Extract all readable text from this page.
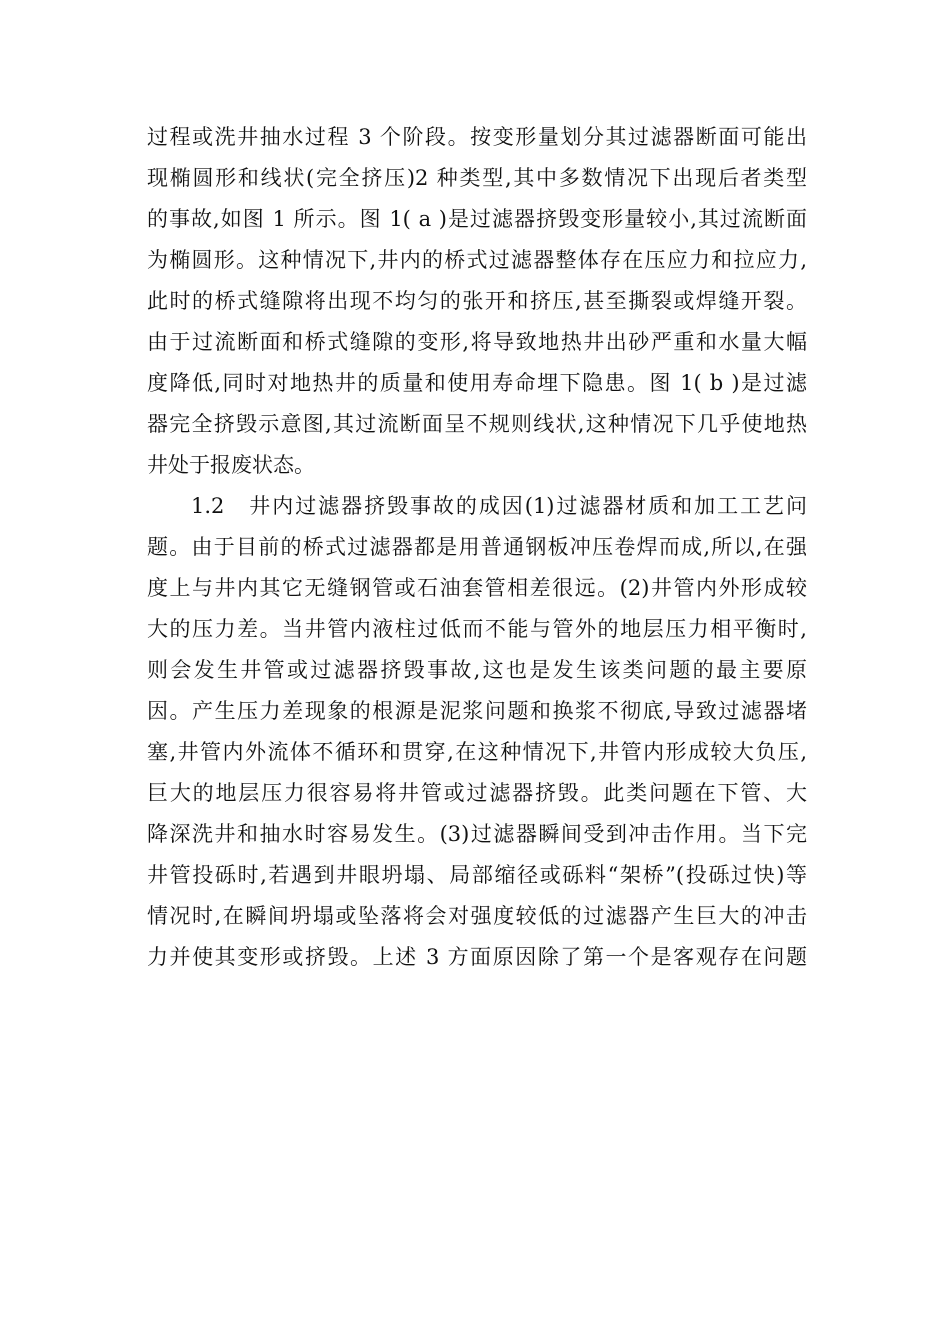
过程或洗井抽水过程 3 个阶段。按变形量划分其过滤器断面可能出
现椭圆形和线状(完全挤压)2 种类型,其中多数情况下出现后者类型
的事故,如图 1 所示。图 1( a )是过滤器挤毁变形量较小,其过流断面
为椭圆形。这种情况下,井内的桥式过滤器整体存在压应力和拉应力,
此时的桥式缝隙将出现不均匀的张开和挤压,甚至撕裂或焊缝开裂。
由于过流断面和桥式缝隙的变形,将导致地热井出砂严重和水量大幅
度降低,同时对地热井的质量和使用寿命埋下隐患。图 1( b )是过滤
器完全挤毁示意图,其过流断面呈不规则线状,这种情况下几乎使地热
井处于报废状态。
1.2　井内过滤器挤毁事故的成因(1)过滤器材质和加工工艺问
题。由于目前的桥式过滤器都是用普通钢板冲压卷焊而成,所以,在强
度上与井内其它无缝钢管或石油套管相差很远。(2)井管内外形成较
大的压力差。当井管内液柱过低而不能与管外的地层压力相平衡时,
则会发生井管或过滤器挤毁事故,这也是发生该类问题的最主要原
因。产生压力差现象的根源是泥浆问题和换浆不彻底,导致过滤器堵
塞,井管内外流体不循环和贯穿,在这种情况下,井管内形成较大负压,
巨大的地层压力很容易将井管或过滤器挤毁。此类问题在下管、大
降深洗井和抽水时容易发生。(3)过滤器瞬间受到冲击作用。当下完
井管投砾时,若遇到井眼坍塌、局部缩径或砾料“架桥”(投砾过快)等
情况时,在瞬间坍塌或坠落将会对强度较低的过滤器产生巨大的冲击
力并使其变形或挤毁。上述 3 方面原因除了第一个是客观存在问题
